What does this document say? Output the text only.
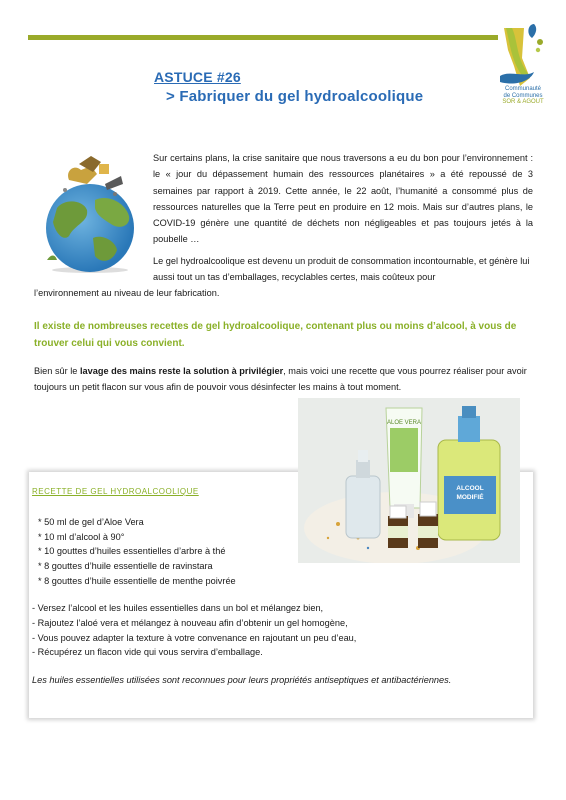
Communauté
de Communes
SOR & AGOUT
ASTUCE #26
> Fabriquer du gel hydroalcoolique
Sur certains plans, la crise sanitaire que nous traversons a eu du bon pour l’environnement : le « jour du dépassement humain des ressources planétaires » a été repoussé de 3 semaines par rapport à 2019. Cette année, le 22 août, l’humanité a consommé plus de ressources naturelles que la Terre peut en produire en 12 mois. Mais sur d’autres plans, le COVID-19 génère une quantité de déchets non négligeables et pas toujours jetés à la poubelle …
Le gel hydroalcoolique est devenu un produit de consommation incontournable, et génère lui aussi tout un tas d’emballages, recyclables certes, mais coûteux pour
l’environnement au niveau de leur fabrication.
Il existe de nombreuses recettes de gel hydroalcoolique, contenant plus ou moins d’alcool, à vous de trouver celui qui vous convient.
Bien sûr le lavage des mains reste la solution à privilégier, mais voici une recette que vous pourrez réaliser pour avoir toujours un petit flacon sur vous afin de pouvoir vous désinfecter les mains à tout moment.
RECETTE DE GEL HYDROALCOOLIQUE
* 50 ml de gel d’Aloe Vera
* 10 ml d’alcool à 90°
* 10 gouttes d’huiles essentielles d’arbre à thé
* 8 gouttes d’huile essentielle de ravinstara
* 8 gouttes d’huile essentielle de menthe poivrée
- Versez l’alcool et les huiles essentielles dans un bol et mélangez bien,
- Rajoutez l’aloé vera et mélangez à nouveau afin d’obtenir un gel homogène,
- Vous pouvez adapter la texture à votre convenance en rajoutant un peu d’eau,
- Récupérez un flacon vide qui vous servira d’emballage.
Les huiles essentielles utilisées sont reconnues pour leurs propriétés antiseptiques et antibactériennes.
ALOE VERA
ALCOOL
MODIFIÉ
